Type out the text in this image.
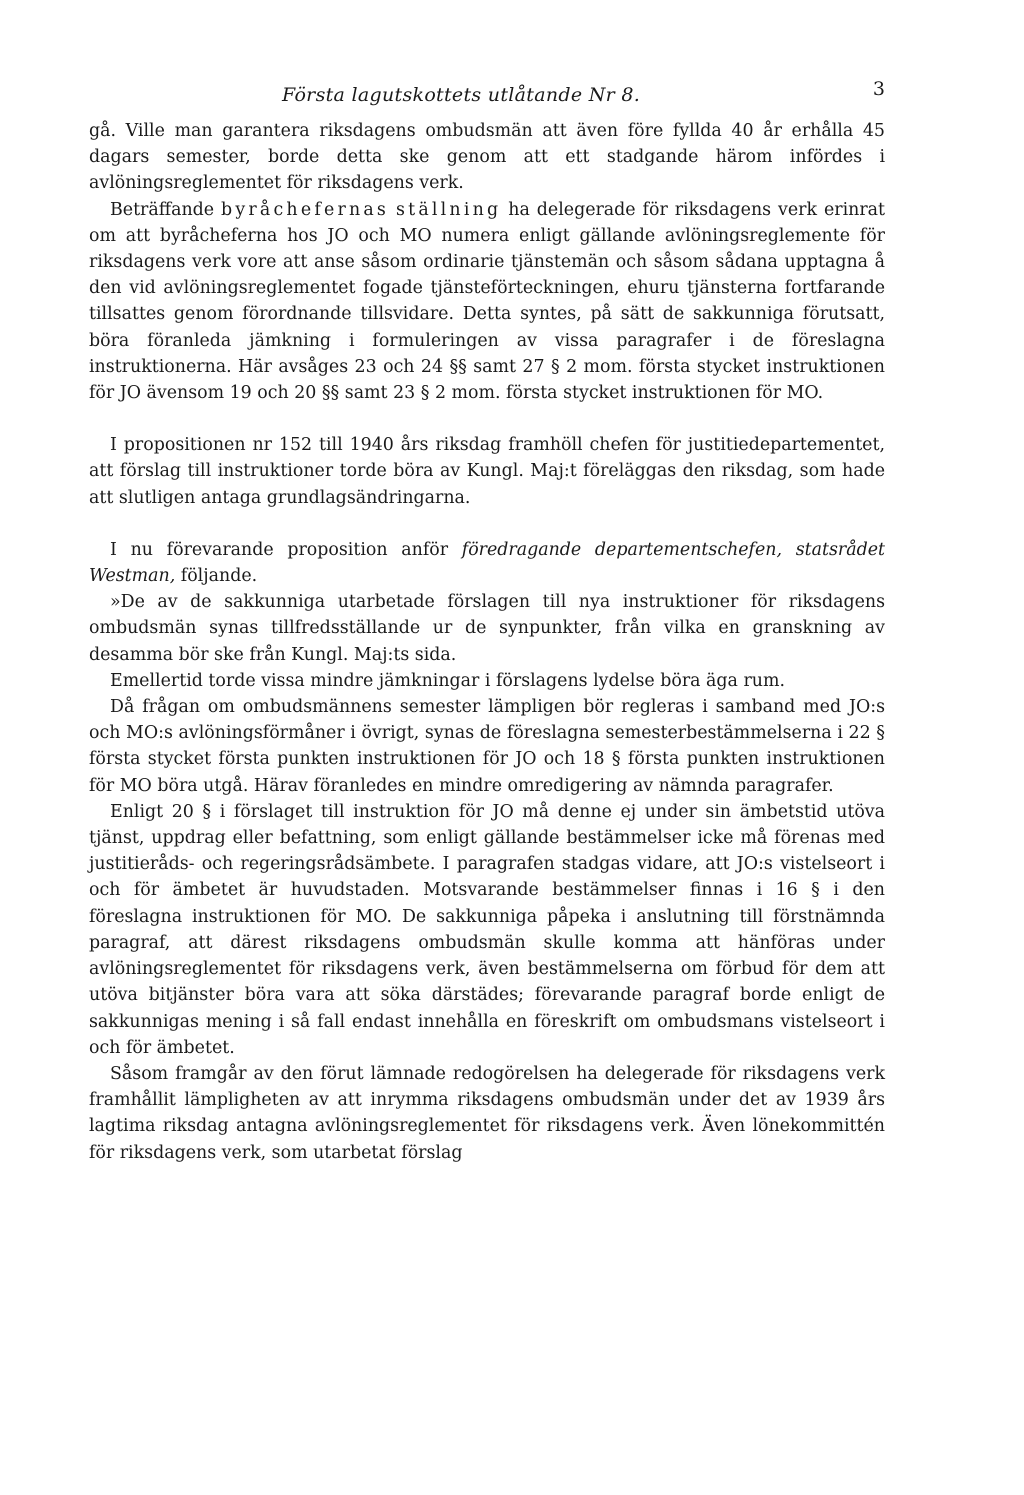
Första lagutskottets utlåtande Nr 8.	3

gå. Ville man garantera riksdagens ombudsmän att även före fyllda 40 år erhålla 45 dagars semester, borde detta ske genom att ett stadgande härom infördes i avlöningsreglementet för riksdagens verk.

Beträffande byråchefernas ställning ha delegerade för riksdagens verk erinrat om att byråcheferna hos JO och MO numera enligt gällande avlöningsreglemente för riksdagens verk vore att anse såsom ordinarie tjänstemän och såsom sådana upptagna å den vid avlöningsreglementet fogade tjänsteförteckningen, ehuru tjänsterna fortfarande tillsattes genom förordnande tillsvidare. Detta syntes, på sätt de sakkunniga förutsatt, böra föranleda jämkning i formuleringen av vissa paragrafer i de föreslagna instruktionerna. Här avsåges 23 och 24 §§ samt 27 § 2 mom. första stycket instruktionen för JO ävensom 19 och 20 §§ samt 23 § 2 mom. första stycket instruktionen för MO.

I propositionen nr 152 till 1940 års riksdag framhöll chefen för justitiedepartementet, att förslag till instruktioner torde böra av Kungl. Maj:t föreläggas den riksdag, som hade att slutligen antaga grundlagsändringarna.

I nu förevarande proposition anför föredragande departementschefen, statsrådet Westman, följande.

»De av de sakkunniga utarbetade förslagen till nya instruktioner för riksdagens ombudsmän synas tillfredsställande ur de synpunkter, från vilka en granskning av desamma bör ske från Kungl. Maj:ts sida.

Emellertid torde vissa mindre jämkningar i förslagens lydelse böra äga rum.

Då frågan om ombudsmännens semester lämpligen bör regleras i samband med JO:s och MO:s avlöningsförmåner i övrigt, synas de föreslagna semesterbestämmelserna i 22 § första stycket första punkten instruktionen för JO och 18 § första punkten instruktionen för MO böra utgå. Härav föranledes en mindre omredigering av nämnda paragrafer.

Enligt 20 § i förslaget till instruktion för JO må denne ej under sin ämbetstid utöva tjänst, uppdrag eller befattning, som enligt gällande bestämmelser icke må förenas med justitieråds- och regeringsrådsämbete. I paragrafen stadgas vidare, att JO:s vistelseort i och för ämbetet är huvudstaden. Motsvarande bestämmelser finnas i 16 § i den föreslagna instruktionen för MO. De sakkunniga påpeka i anslutning till förstnämnda paragraf, att därest riksdagens ombudsmän skulle komma att hänföras under avlöningsreglementet för riksdagens verk, även bestämmelserna om förbud för dem att utöva bitjänster böra vara att söka därstädes; förevarande paragraf borde enligt de sakkunnigas mening i så fall endast innehålla en föreskrift om ombudsmans vistelseort i och för ämbetet.

Såsom framgår av den förut lämnade redogörelsen ha delegerade för riksdagens verk framhållit lämpligheten av att inrymma riksdagens ombudsmän under det av 1939 års lagtima riksdag antagna avlöningsreglementet för riksdagens verk. Även lönekommittén för riksdagens verk, som utarbetat förslag
